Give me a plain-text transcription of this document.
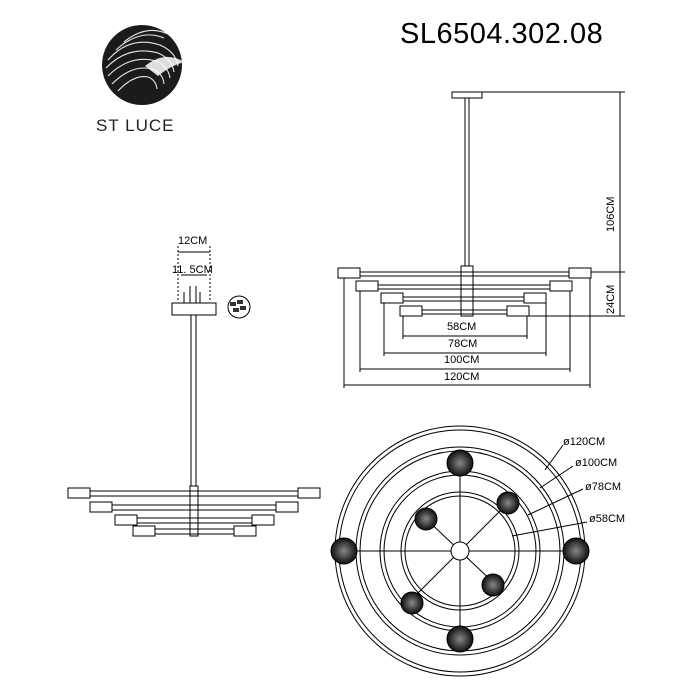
SL6504.302.08
ST LUCE
12CM
11. 5CM
106CM
24CM
58CM
78CM
100CM
120CM
ø120CM
ø100CM
ø78CM
ø58CM
